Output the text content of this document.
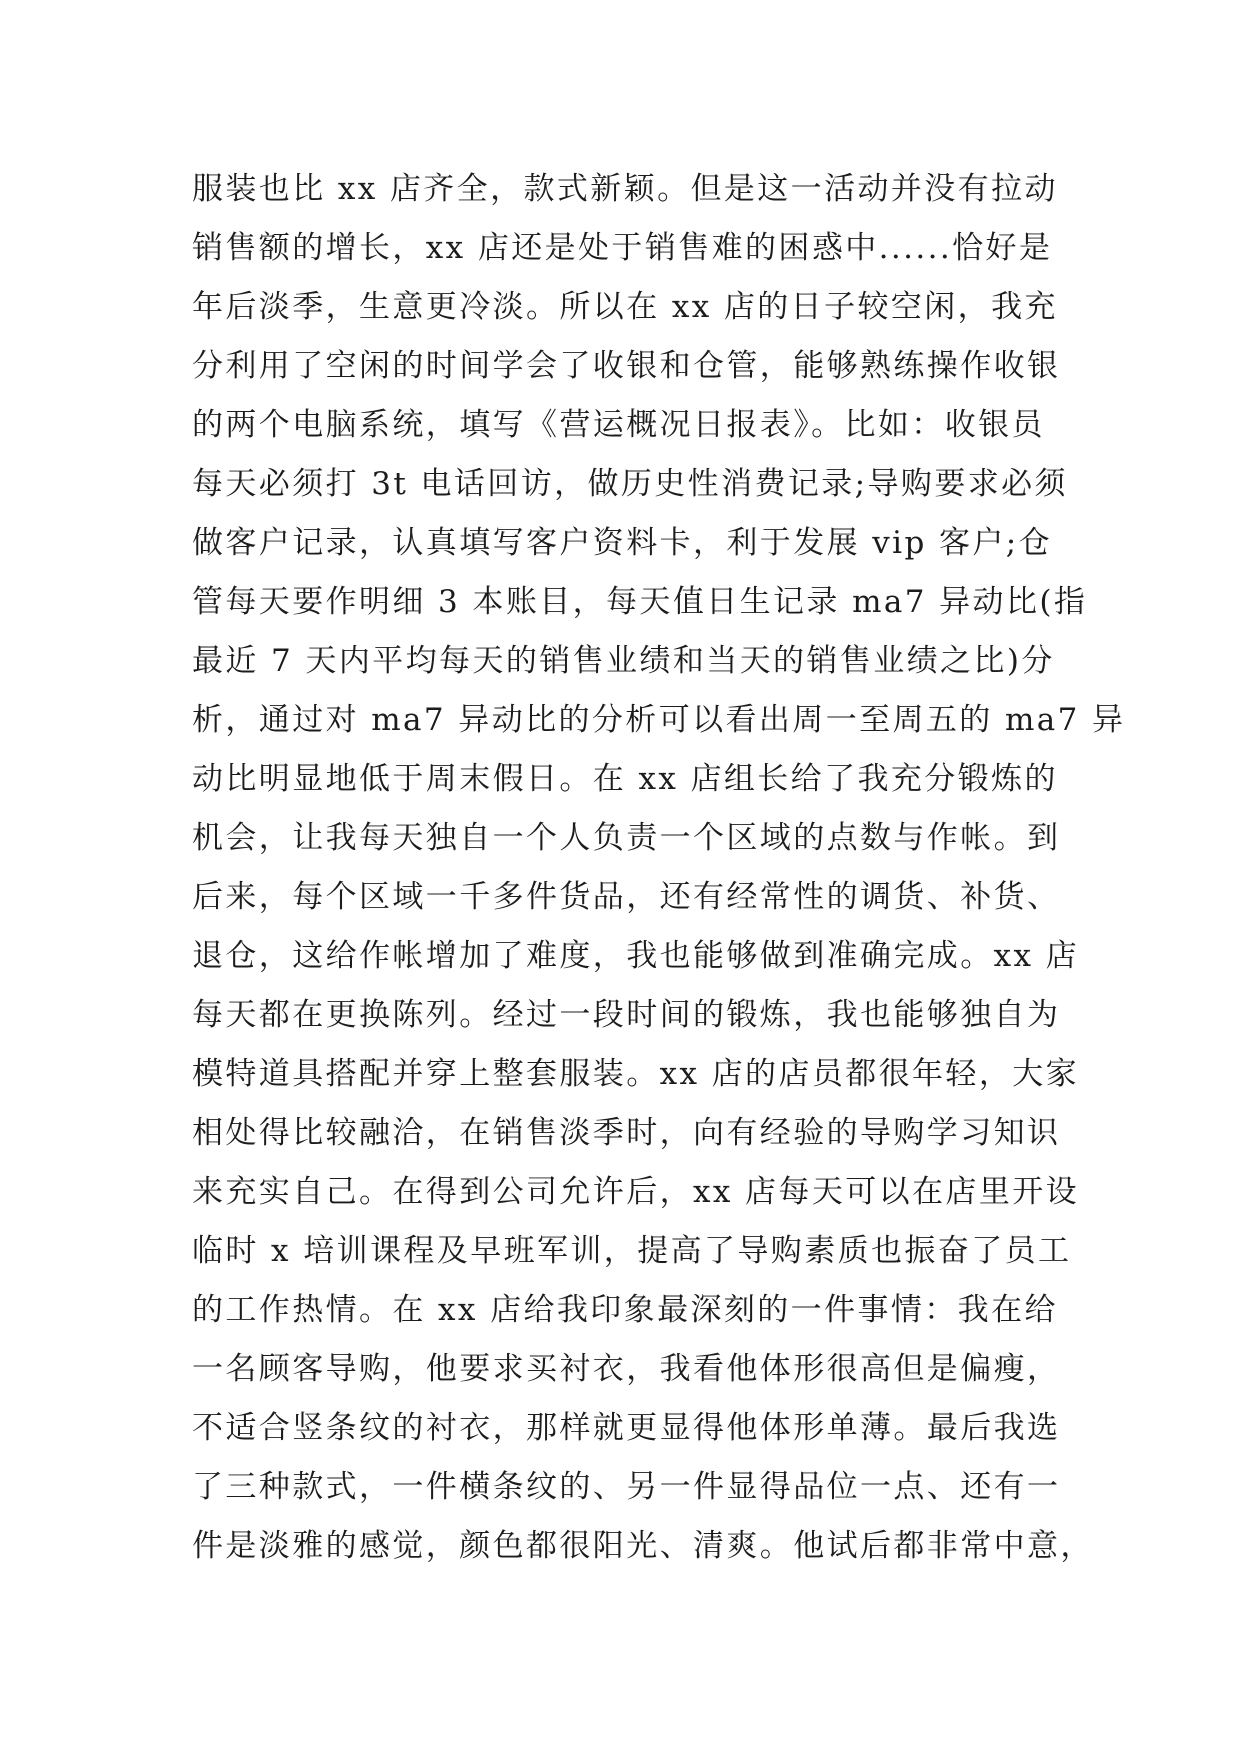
服装也比 xx 店齐全，款式新颖。但是这一活动并没有拉动
销售额的增长，xx 店还是处于销售难的困惑中......恰好是
年后淡季，生意更冷淡。所以在 xx 店的日子较空闲，我充
分利用了空闲的时间学会了收银和仓管，能够熟练操作收银
的两个电脑系统，填写《营运概况日报表》。比如：收银员
每天必须打 3t 电话回访，做历史性消费记录;导购要求必须
做客户记录，认真填写客户资料卡，利于发展 vip 客户;仓
管每天要作明细 3 本账目，每天值日生记录 ma7 异动比(指
最近 7 天内平均每天的销售业绩和当天的销售业绩之比)分
析，通过对 ma7 异动比的分析可以看出周一至周五的 ma7 异
动比明显地低于周末假日。在 xx 店组长给了我充分锻炼的
机会，让我每天独自一个人负责一个区域的点数与作帐。到
后来，每个区域一千多件货品，还有经常性的调货、补货、
退仓，这给作帐增加了难度，我也能够做到准确完成。xx 店
每天都在更换陈列。经过一段时间的锻炼，我也能够独自为
模特道具搭配并穿上整套服装。xx 店的店员都很年轻，大家
相处得比较融洽，在销售淡季时，向有经验的导购学习知识
来充实自己。在得到公司允许后，xx 店每天可以在店里开设
临时 x 培训课程及早班军训，提高了导购素质也振奋了员工
的工作热情。在 xx 店给我印象最深刻的一件事情：我在给
一名顾客导购，他要求买衬衣，我看他体形很高但是偏瘦，
不适合竖条纹的衬衣，那样就更显得他体形单薄。最后我选
了三种款式，一件横条纹的、另一件显得品位一点、还有一
件是淡雅的感觉，颜色都很阳光、清爽。他试后都非常中意，
